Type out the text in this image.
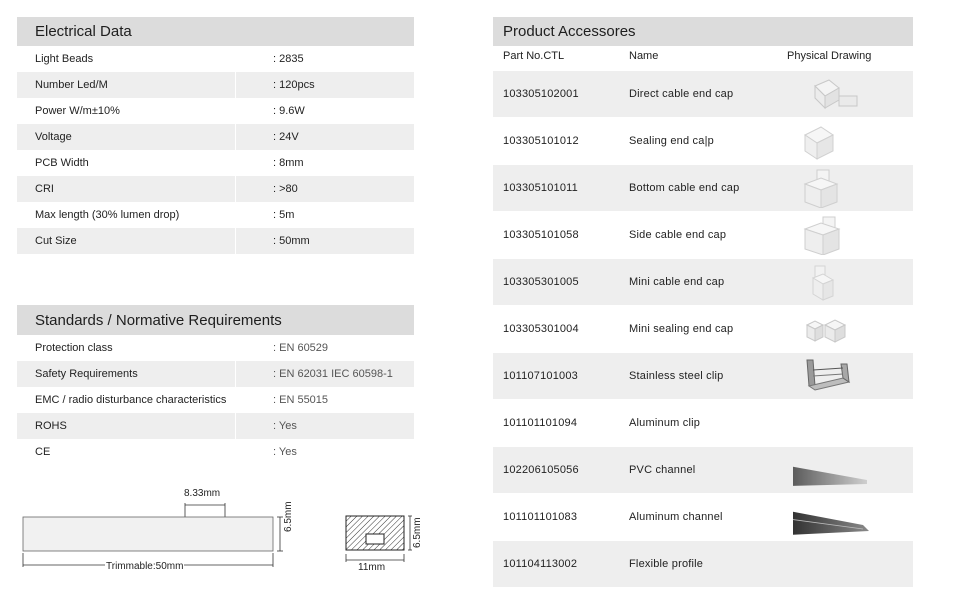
Electrical Data
Light Beads	: 2835
Number Led/M	: 120pcs
Power W/m±10%	: 9.6W
Voltage	: 24V
PCB Width	: 8mm
CRI	: >80
Max length (30% lumen drop)	: 5m
Cut Size	: 50mm
Standards / Normative Requirements
Protection class	: EN 60529
Safety Requirements	: EN 62031 IEC 60598-1
EMC / radio disturbance characteristics	: EN 55015
ROHS	: Yes
CE	: Yes
8.33mm
6.5mm
Trimmable:50mm
6.5mm
11mm
Product Accessores
Part No.CTL	Name	Physical Drawing
103305102001	Direct cable end cap
103305101012	Sealing end ca|p
103305101011	Bottom cable end cap
103305101058	Side cable end cap
103305301005	Mini cable end cap
103305301004	Mini sealing end cap
101107101003	Stainless steel clip
101101101094	Aluminum clip
102206105056	PVC channel
101101101083	Aluminum channel
101104113002	Flexible profile
